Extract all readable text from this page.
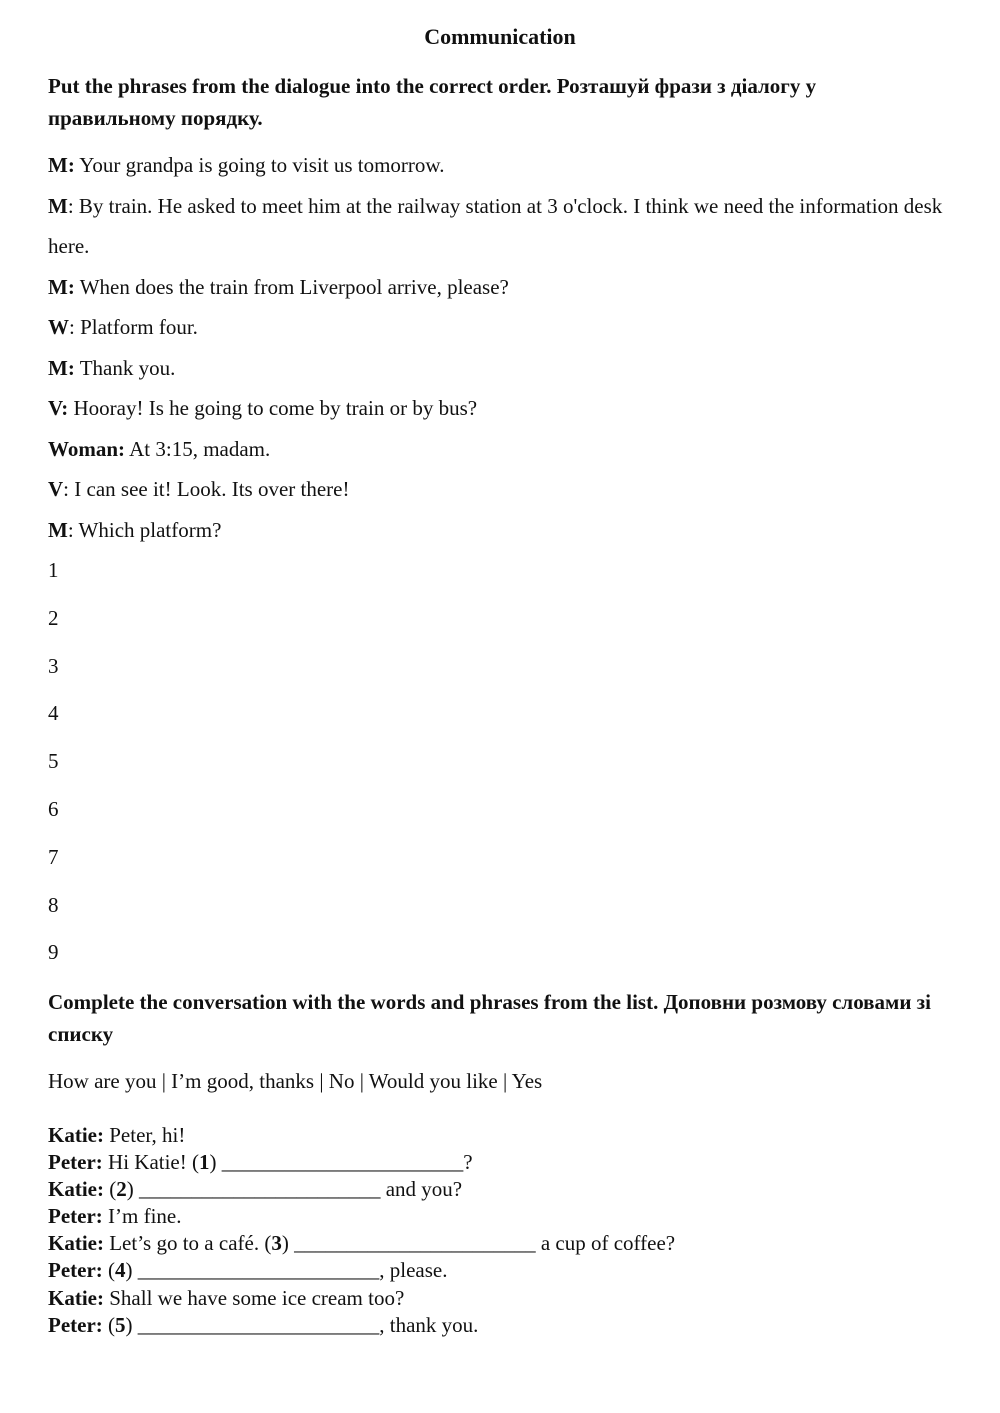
Communication
Put the phrases from the dialogue into the correct order. Розташуй фрази з діалогу у правильному порядку.
M: Your grandpa is going to visit us tomorrow.
M: By train. He asked to meet him at the railway station at 3 o'clock. I think we need the information desk here.
M: When does the train from Liverpool arrive, please?
W: Platform four.
M: Thank you.
V: Hooray! Is he going to come by train or by bus?
Woman: At 3:15, madam.
V: I can see it! Look. Its over there!
M: Which platform?
1
2
3
4
5
6
7
8
9
Complete the conversation with the words and phrases from the list. Доповни розмову словами зі списку
How are you | I’m good, thanks | No | Would you like | Yes
Katie: Peter, hi!
Peter: Hi Katie! (1) _______________________?
Katie: (2) _______________________ and you?
Peter: I’m fine.
Katie: Let’s go to a café. (3) _______________________ a cup of coffee?
Peter: (4) _______________________, please.
Katie: Shall we have some ice cream too?
Peter: (5) _______________________, thank you.
